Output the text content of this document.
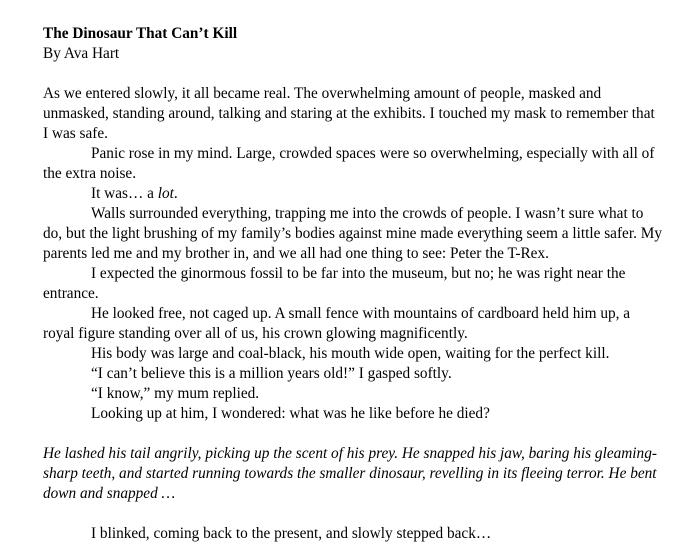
The Dinosaur That Can’t Kill

By Ava Hart

As we entered slowly, it all became real. The overwhelming amount of people, masked and unmasked, standing around, talking and staring at the exhibits. I touched my mask to remember that I was safe.

Panic rose in my mind. Large, crowded spaces were so overwhelming, especially with all of the extra noise.

It was… a lot.

Walls surrounded everything, trapping me into the crowds of people. I wasn’t sure what to do, but the light brushing of my family’s bodies against mine made everything seem a little safer. My parents led me and my brother in, and we all had one thing to see: Peter the T-Rex.

I expected the ginormous fossil to be far into the museum, but no; he was right near the entrance.

He looked free, not caged up. A small fence with mountains of cardboard held him up, a royal figure standing over all of us, his crown glowing magnificently.

His body was large and coal-black, his mouth wide open, waiting for the perfect kill.

“I can’t believe this is a million years old!” I gasped softly.

“I know,” my mum replied.

Looking up at him, I wondered: what was he like before he died?

He lashed his tail angrily, picking up the scent of his prey. He snapped his jaw, baring his gleaming-sharp teeth, and started running towards the smaller dinosaur, revelling in its fleeing terror. He bent down and snapped …

I blinked, coming back to the present, and slowly stepped back…
